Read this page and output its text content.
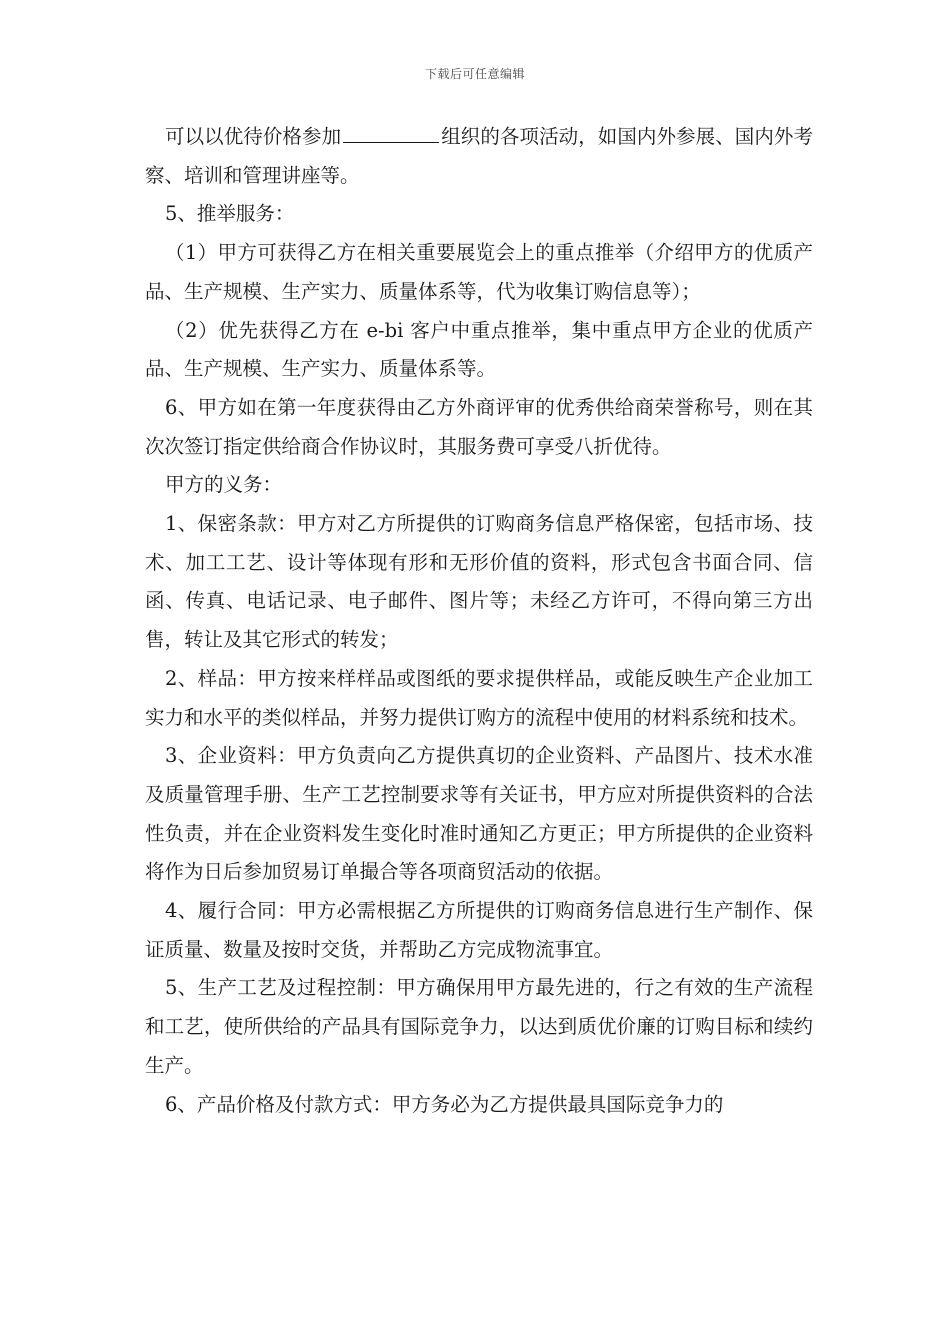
下载后可任意编辑

可以以优待价格参加	组织的各项活动，如国内外参展、国内外考察、培训和管理讲座等。

5、推举服务：

（1）甲方可获得乙方在相关重要展览会上的重点推举（介绍甲方的优质产品、生产规模、生产实力、质量体系等，代为收集订购信息等）；

（2）优先获得乙方在 e-bi 客户中重点推举，集中重点甲方企业的优质产品、生产规模、生产实力、质量体系等。

6、甲方如在第一年度获得由乙方外商评审的优秀供给商荣誉称号，则在其次次签订指定供给商合作协议时，其服务费可享受八折优待。

甲方的义务：

1、保密条款：甲方对乙方所提供的订购商务信息严格保密，包括市场、技术、加工工艺、设计等体现有形和无形价值的资料，形式包含书面合同、信函、传真、电话记录、电子邮件、图片等；未经乙方许可，不得向第三方出售，转让及其它形式的转发；

2、样品：甲方按来样样品或图纸的要求提供样品，或能反映生产企业加工实力和水平的类似样品，并努力提供订购方的流程中使用的材料系统和技术。

3、企业资料：甲方负责向乙方提供真切的企业资料、产品图片、技术水准及质量管理手册、生产工艺控制要求等有关证书，甲方应对所提供资料的合法性负责，并在企业资料发生变化时准时通知乙方更正；甲方所提供的企业资料将作为日后参加贸易订单撮合等各项商贸活动的依据。

4、履行合同：甲方必需根据乙方所提供的订购商务信息进行生产制作、保证质量、数量及按时交货，并帮助乙方完成物流事宜。

5、生产工艺及过程控制：甲方确保用甲方最先进的，行之有效的生产流程和工艺，使所供给的产品具有国际竞争力，以达到质优价廉的订购目标和续约生产。

6、产品价格及付款方式：甲方务必为乙方提供最具国际竞争力的
